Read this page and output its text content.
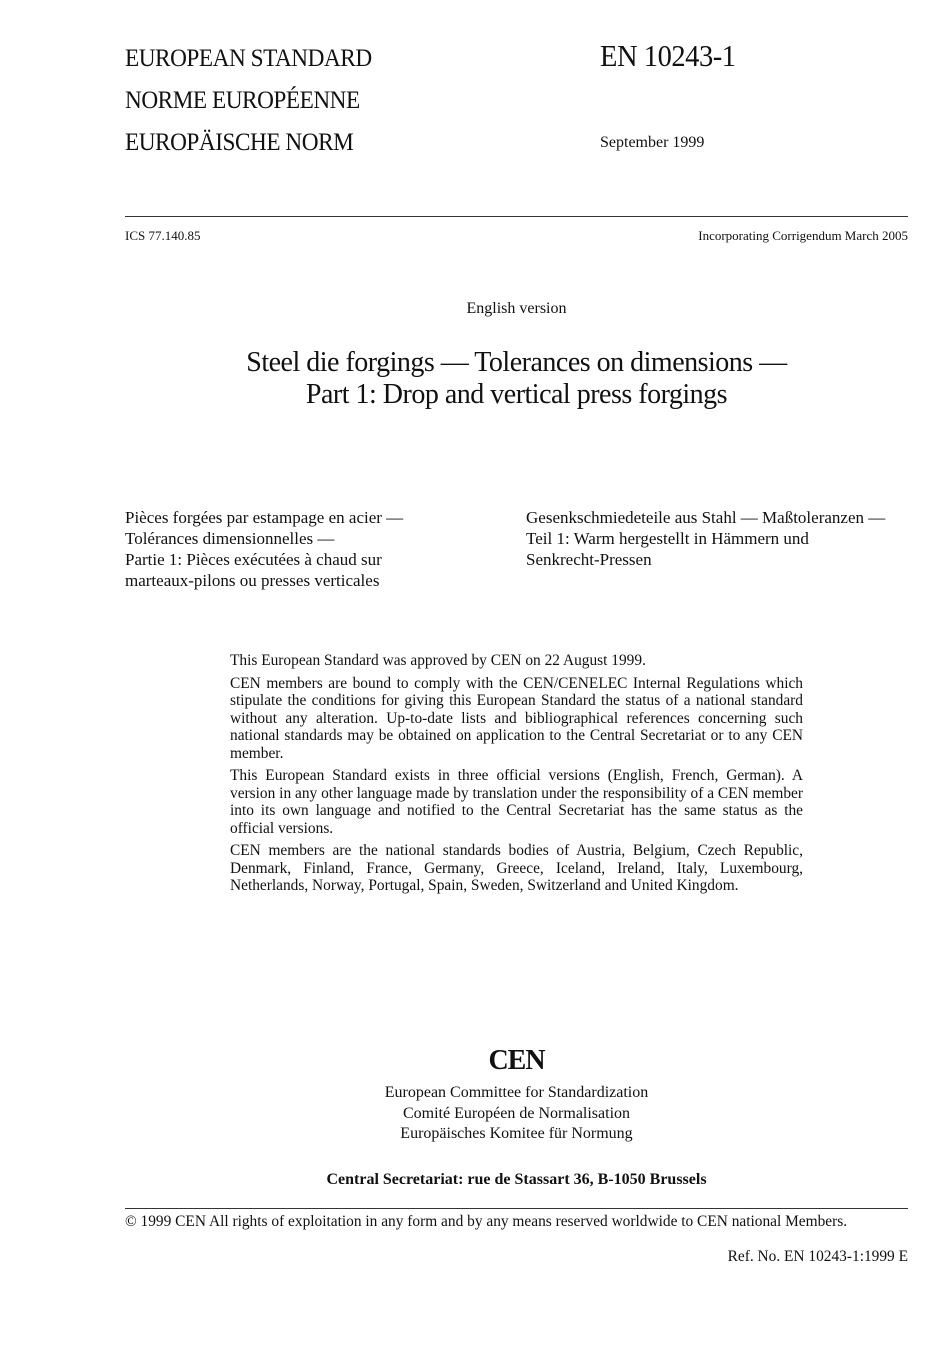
EUROPEAN STANDARD
NORME EUROPÉENNE
EUROPÄISCHE NORM
EN 10243-1
September 1999
ICS 77.140.85	Incorporating Corrigendum March 2005
English version
Steel die forgings — Tolerances on dimensions —
Part 1: Drop and vertical press forgings
Pièces forgées par estampage en acier —
Tolérances dimensionnelles —
Partie 1: Pièces exécutées à chaud sur
marteaux-pilons ou presses verticales
Gesenkschmiedeteile aus Stahl — Maßtoleranzen —
Teil 1: Warm hergestellt in Hämmern und
Senkrecht-Pressen

This European Standard was approved by CEN on 22 August 1999.

CEN members are bound to comply with the CEN/CENELEC Internal Regulations which stipulate the conditions for giving this European Standard the status of a national standard without any alteration. Up-to-date lists and bibliographical references concerning such national standards may be obtained on application to the Central Secretariat or to any CEN member.

This European Standard exists in three official versions (English, French, German). A version in any other language made by translation under the responsibility of a CEN member into its own language and notified to the Central Secretariat has the same status as the official versions.

CEN members are the national standards bodies of Austria, Belgium, Czech Republic, Denmark, Finland, France, Germany, Greece, Iceland, Ireland, Italy, Luxembourg, Netherlands, Norway, Portugal, Spain, Sweden, Switzerland and United Kingdom.

CEN
European Committee for Standardization
Comité Européen de Normalisation
Europäisches Komitee für Normung
Central Secretariat: rue de Stassart 36, B-1050 Brussels
© 1999 CEN All rights of exploitation in any form and by any means reserved worldwide to CEN national Members.
Ref. No. EN 10243-1:1999 E
